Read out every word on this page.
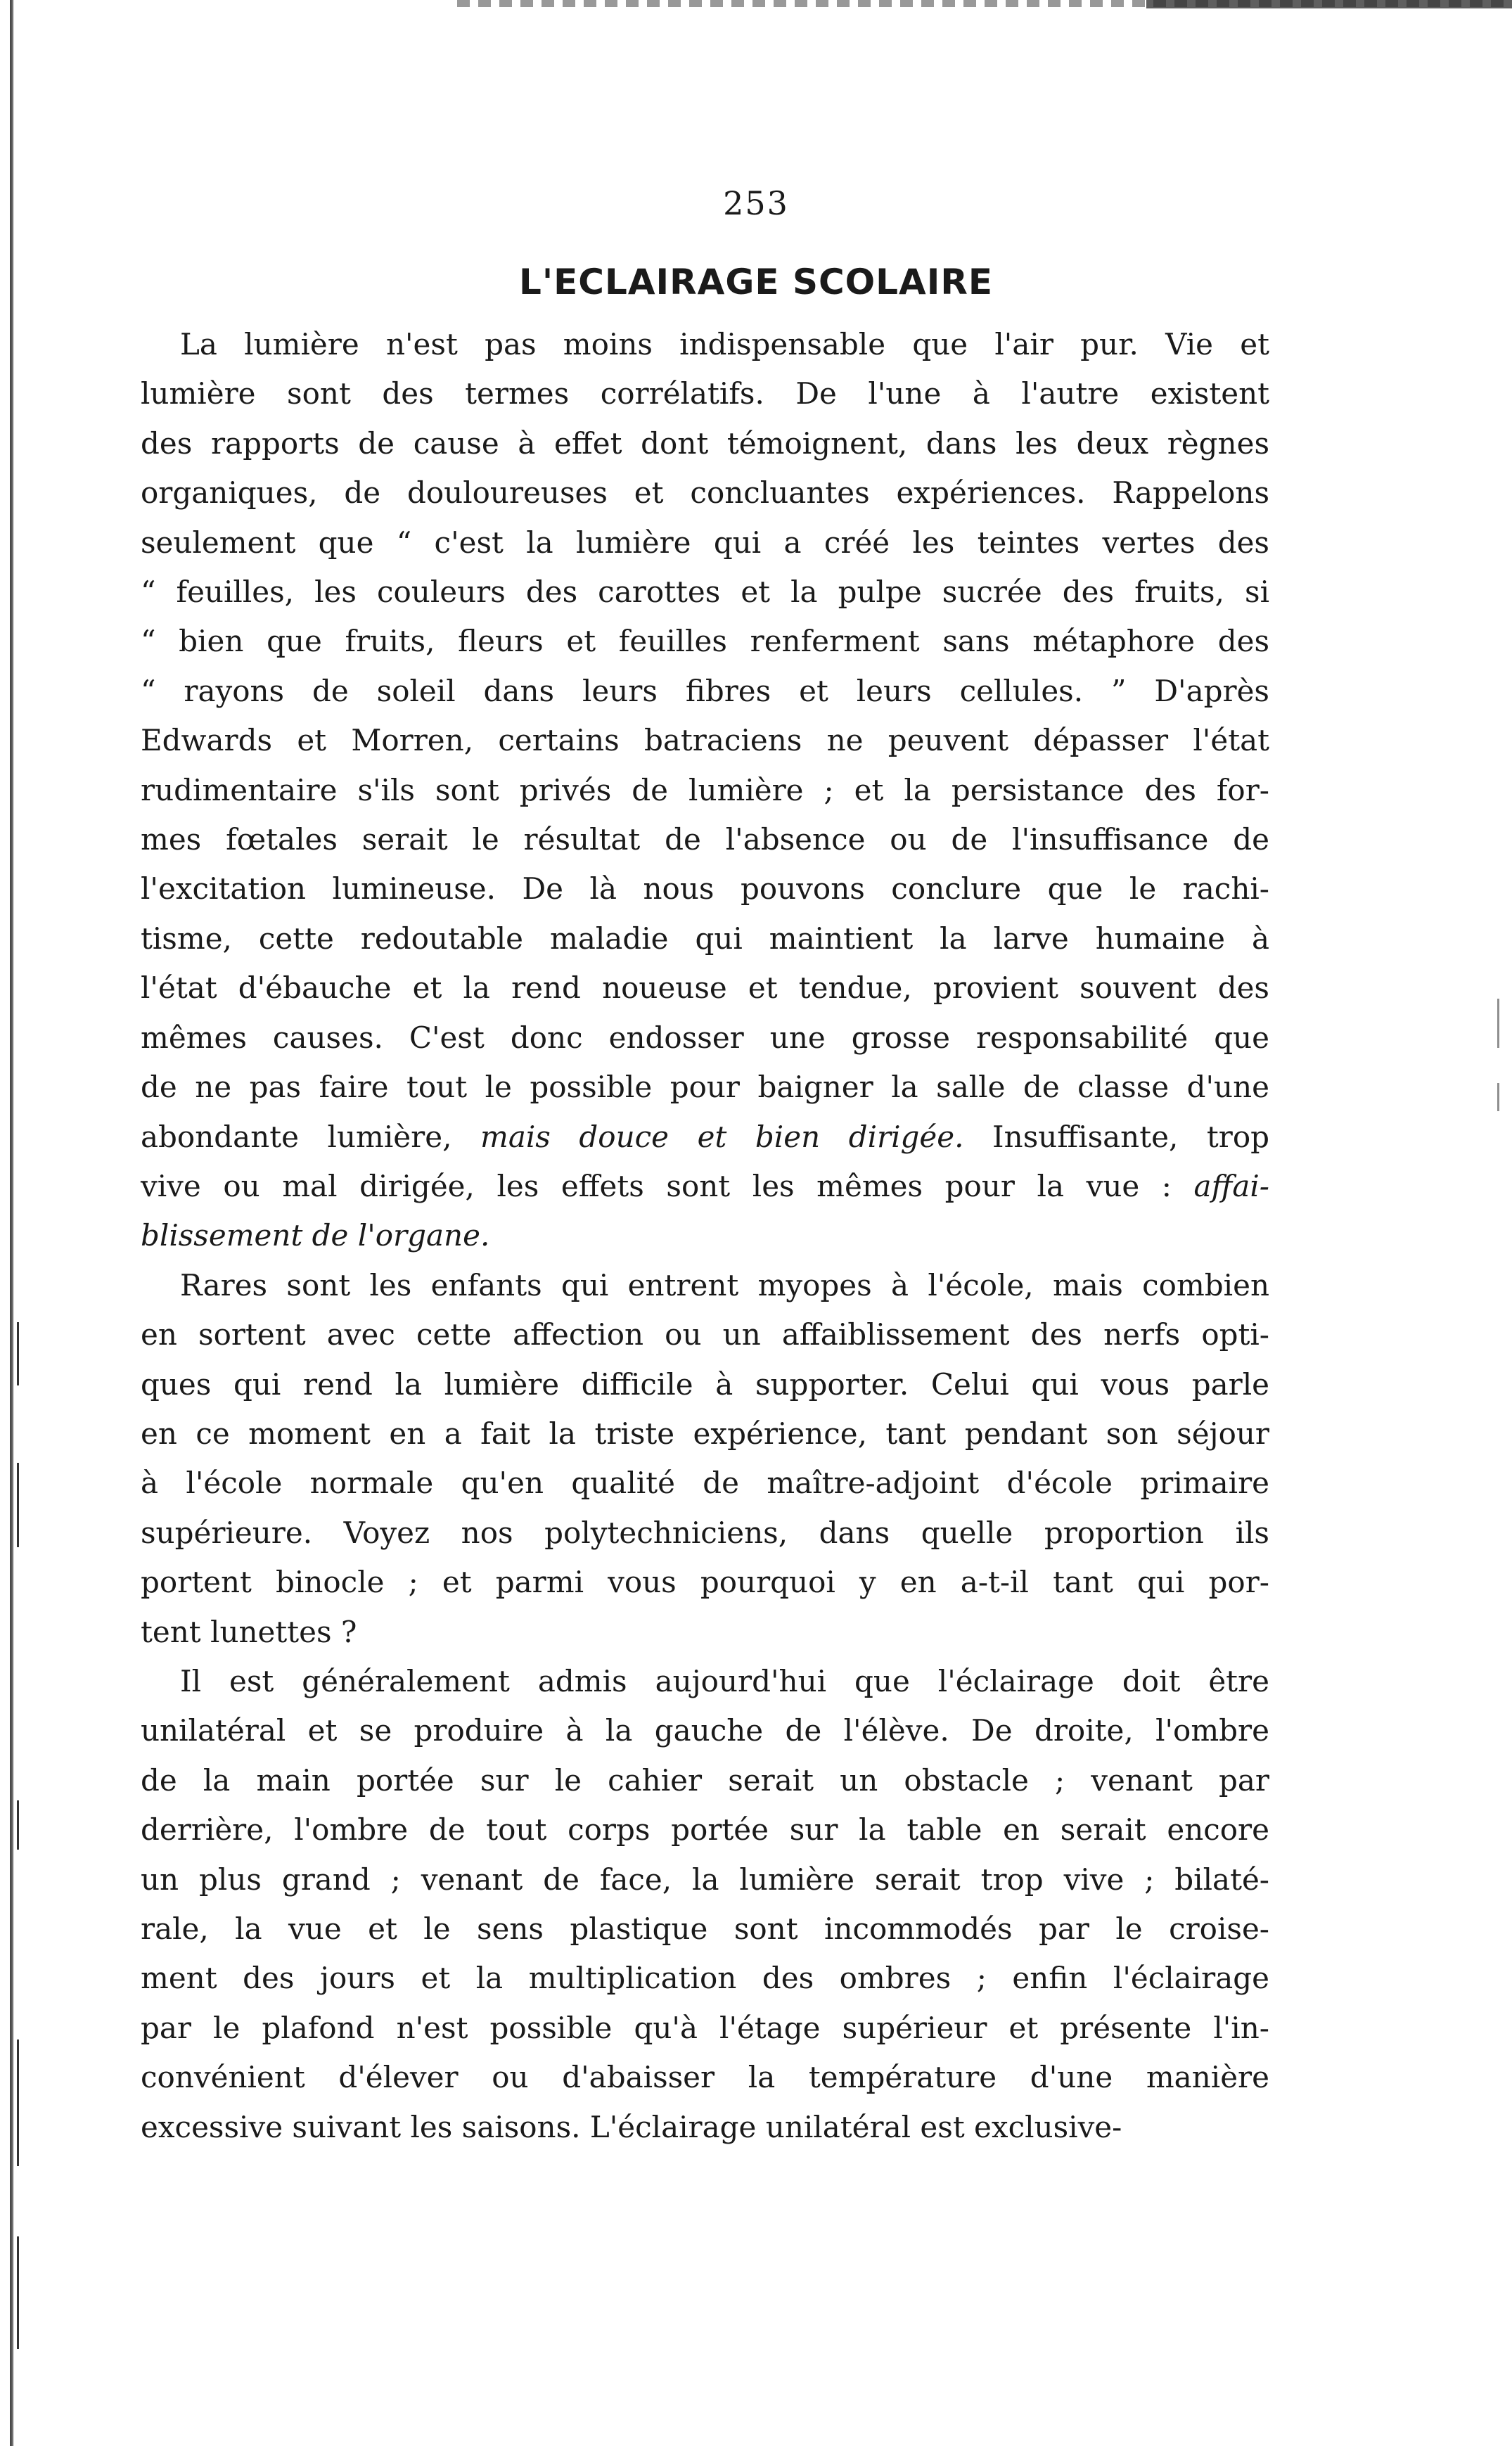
253
L'ECLAIRAGE SCOLAIRE
La lumière n'est pas moins indispensable que l'air pur. Vie et
lumière sont des termes corrélatifs. De l'une à l'autre existent
des rapports de cause à effet dont témoignent, dans les deux règnes
organiques, de douloureuses et concluantes expériences. Rappelons
seulement que “ c'est la lumière qui a créé les teintes vertes des
“ feuilles, les couleurs des carottes et la pulpe sucrée des fruits, si
“ bien que fruits, fleurs et feuilles renferment sans métaphore des
“ rayons de soleil dans leurs fibres et leurs cellules. ” D'après
Edwards et Morren, certains batraciens ne peuvent dépasser l'état
rudimentaire s'ils sont privés de lumière ; et la persistance des for-
mes fœtales serait le résultat de l'absence ou de l'insuffisance de
l'excitation lumineuse. De là nous pouvons conclure que le rachi-
tisme, cette redoutable maladie qui maintient la larve humaine à
l'état d'ébauche et la rend noueuse et tendue, provient souvent des
mêmes causes. C'est donc endosser une grosse responsabilité que
de ne pas faire tout le possible pour baigner la salle de classe d'une
abondante lumière, mais douce et bien dirigée. Insuffisante, trop
vive ou mal dirigée, les effets sont les mêmes pour la vue : affai-
blissement de l'organe.
Rares sont les enfants qui entrent myopes à l'école, mais combien
en sortent avec cette affection ou un affaiblissement des nerfs opti-
ques qui rend la lumière difficile à supporter. Celui qui vous parle
en ce moment en a fait la triste expérience, tant pendant son séjour
à l'école normale qu'en qualité de maître-adjoint d'école primaire
supérieure. Voyez nos polytechniciens, dans quelle proportion ils
portent binocle ; et parmi vous pourquoi y en a-t-il tant qui por-
tent lunettes ?
Il est généralement admis aujourd'hui que l'éclairage doit être
unilatéral et se produire à la gauche de l'élève. De droite, l'ombre
de la main portée sur le cahier serait un obstacle ; venant par
derrière, l'ombre de tout corps portée sur la table en serait encore
un plus grand ; venant de face, la lumière serait trop vive ; bilaté-
rale, la vue et le sens plastique sont incommodés par le croise-
ment des jours et la multiplication des ombres ; enfin l'éclairage
par le plafond n'est possible qu'à l'étage supérieur et présente l'in-
convénient d'élever ou d'abaisser la température d'une manière
excessive suivant les saisons. L'éclairage unilatéral est exclusive-
